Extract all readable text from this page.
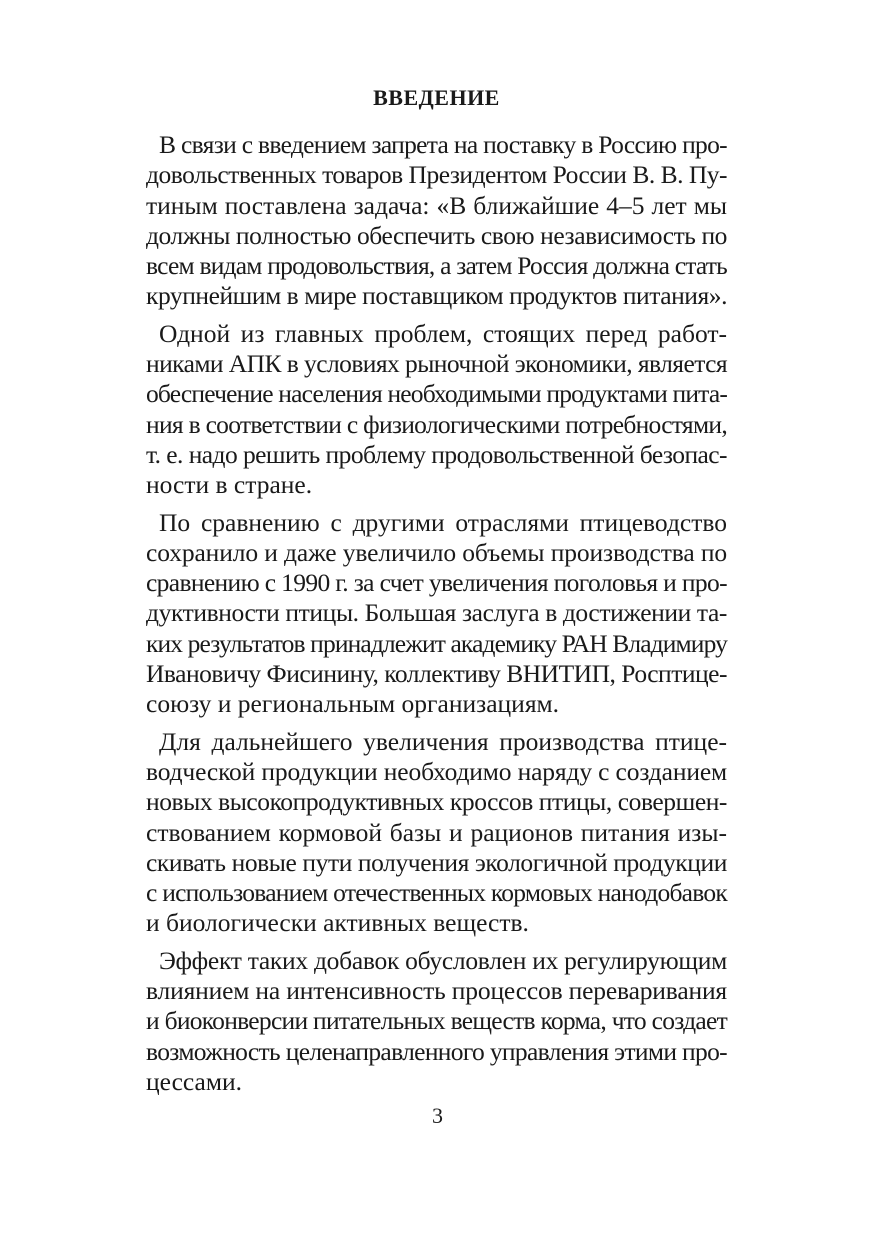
ВВЕДЕНИЕ

В связи с введением запрета на поставку в Россию про-
довольственных товаров Президентом России В. В. Пу-
тиным поставлена задача: «В ближайшие 4–5 лет мы
должны полностью обеспечить свою независимость по
всем видам продовольствия, а затем Россия должна стать
крупнейшим в мире поставщиком продуктов питания».

Одной из главных проблем, стоящих перед работ-
никами АПК в условиях рыночной экономики, является
обеспечение населения необходимыми продуктами пита-
ния в соответствии с физиологическими потребностями,
т. е. надо решить проблему продовольственной безопас-
ности в стране.

По сравнению с другими отраслями птицеводство
сохранило и даже увеличило объемы производства по
сравнению с 1990 г. за счет увеличения поголовья и про-
дуктивности птицы. Большая заслуга в достижении та-
ких результатов принадлежит академику РАН Владимиру
Ивановичу Фисинину, коллективу ВНИТИП, Росптице-
союзу и региональным организациям.

Для дальнейшего увеличения производства птице-
водческой продукции необходимо наряду с созданием
новых высокопродуктивных кроссов птицы, совершен-
ствованием кормовой базы и рационов питания изы-
скивать новые пути получения экологичной продукции
с использованием отечественных кормовых нанодобавок
и биологически активных веществ.

Эффект таких добавок обусловлен их регулирующим
влиянием на интенсивность процессов переваривания
и биоконверсии питательных веществ корма, что создает
возможность целенаправленного управления этими про-
цессами.

3
